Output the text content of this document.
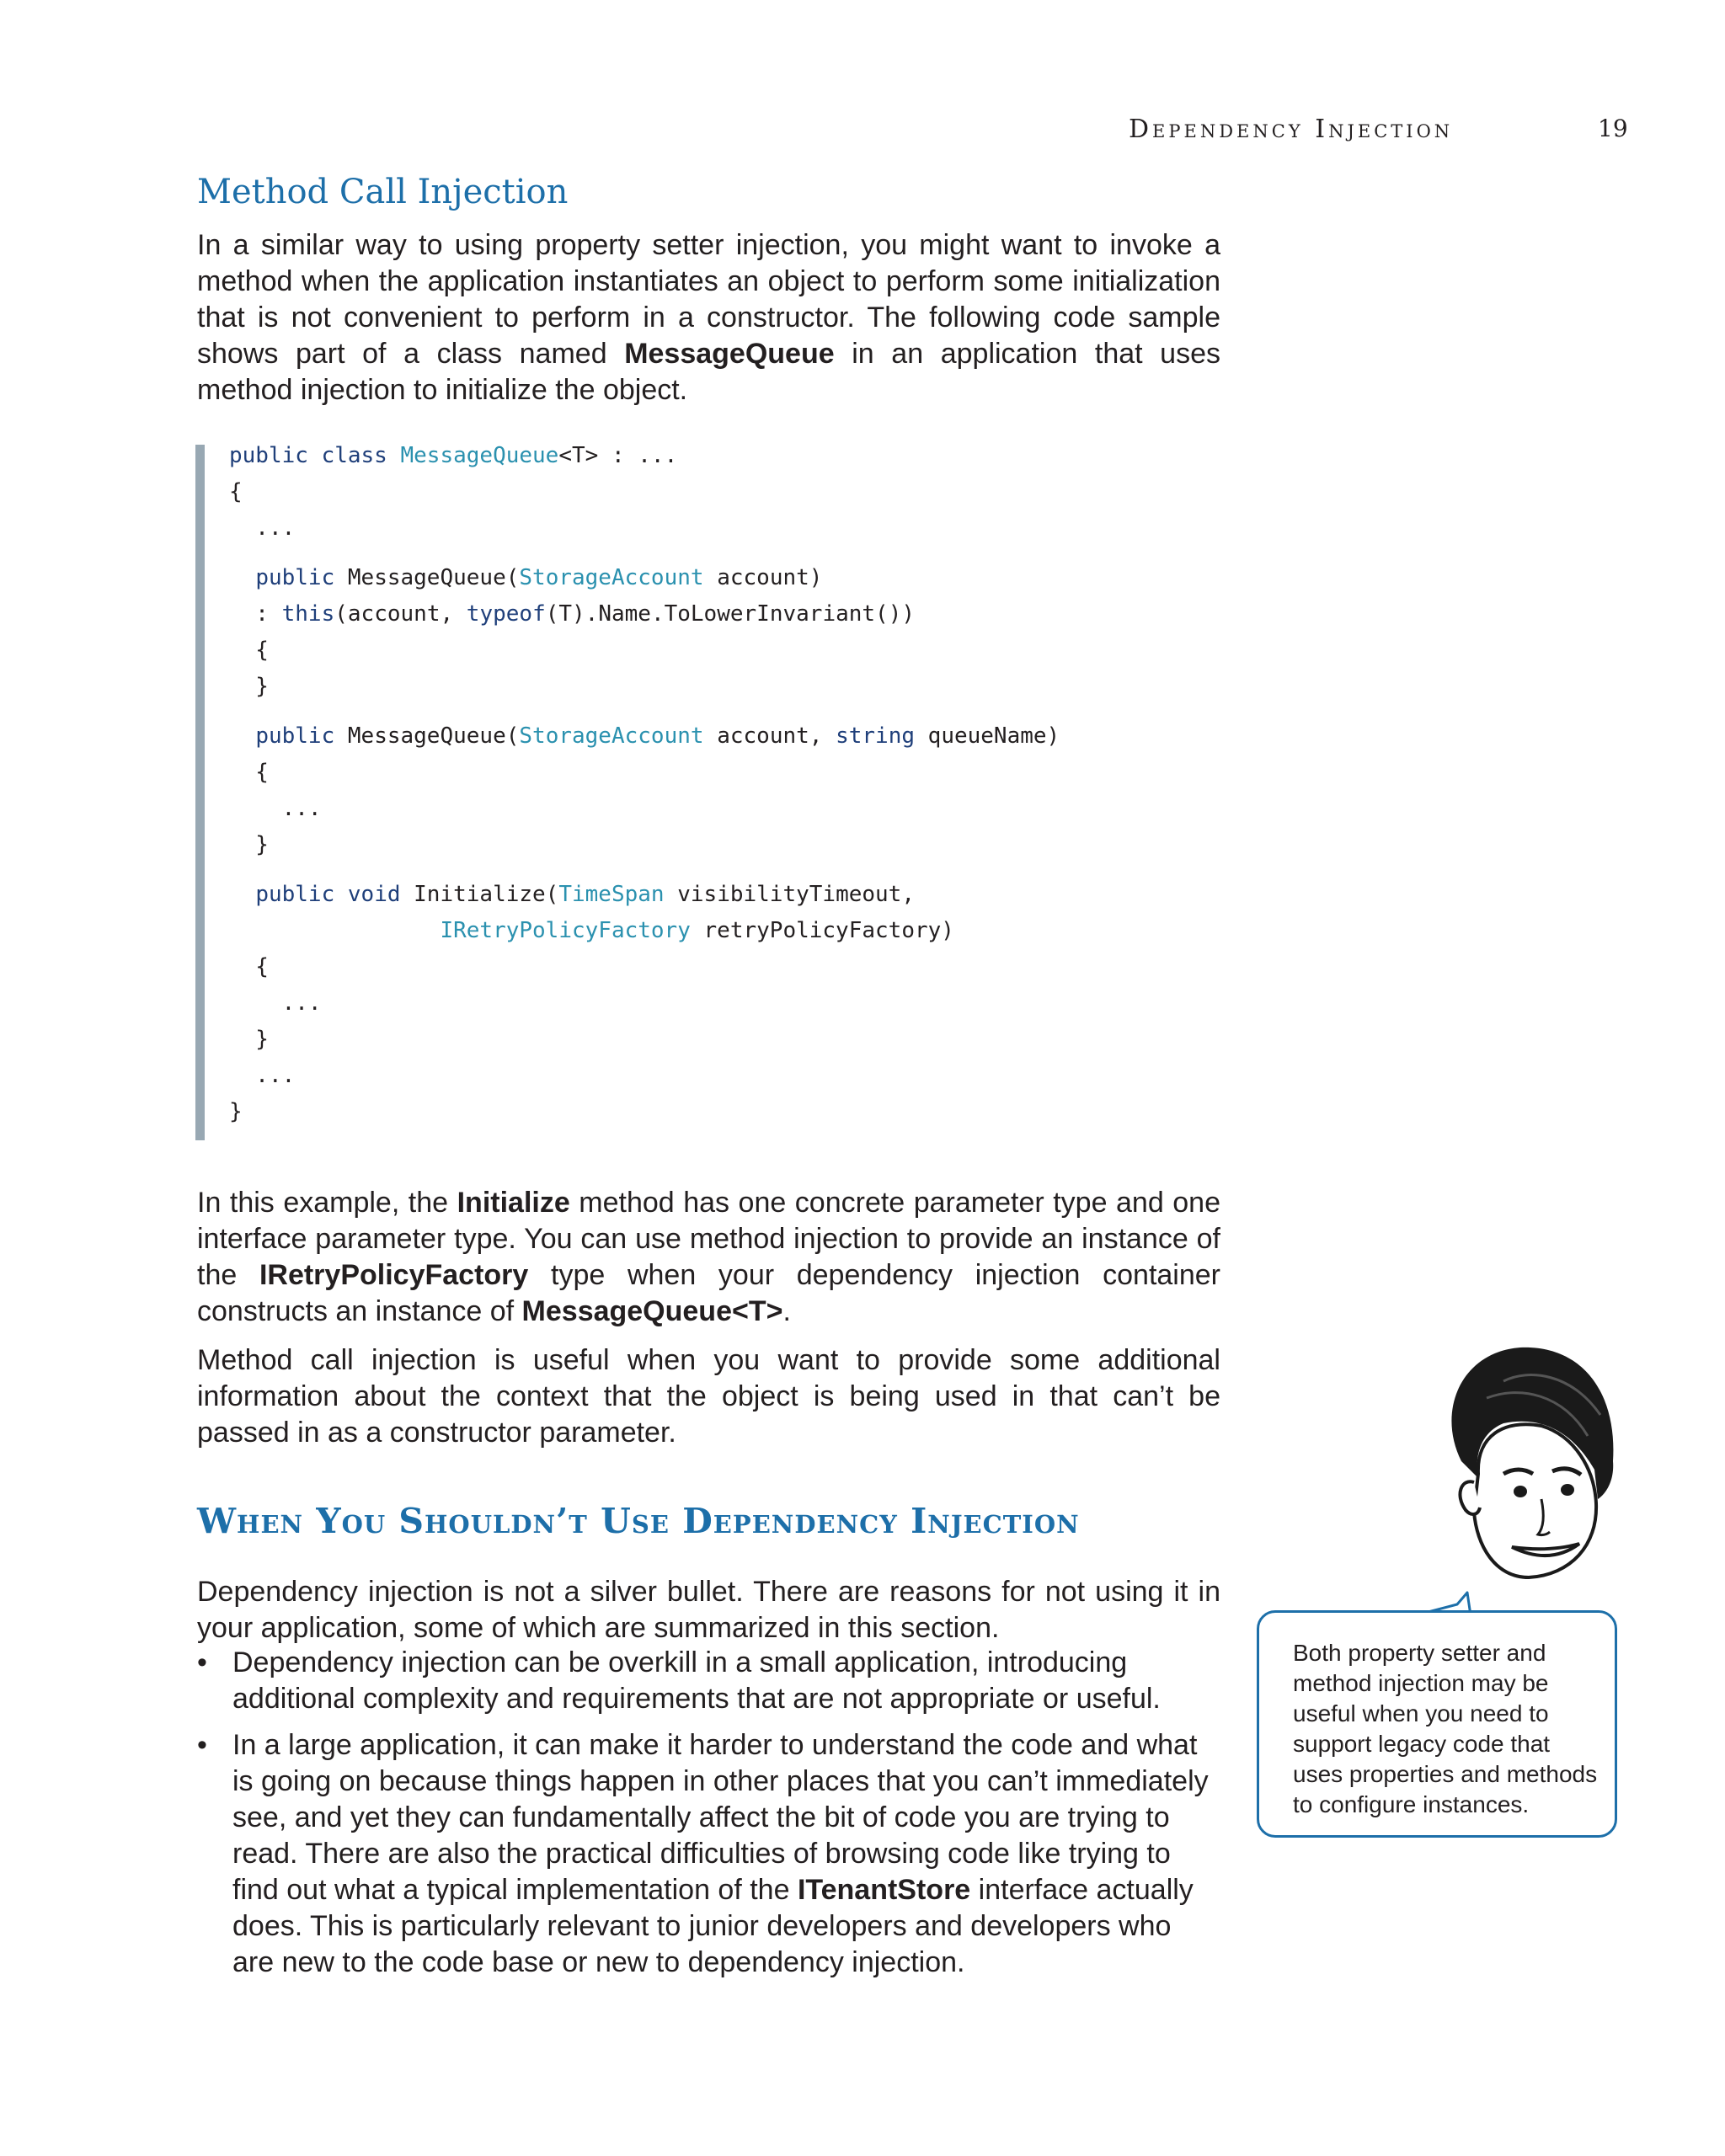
Dependency Injection	19
Method Call Injection

In a similar way to using property setter injection, you might want to invoke a method when the application instantiates an object to perform some initialization that is not convenient to perform in a constructor. The following code sample shows part of a class named MessageQueue in an application that uses method injection to initialize the object.

public class MessageQueue<T> : ...
{
...
public MessageQueue(StorageAccount account)
: this(account, typeof(T).Name.ToLowerInvariant())
{
}
public MessageQueue(StorageAccount account, string queueName)
{
...
}
public void Initialize(TimeSpan visibilityTimeout,
IRetryPolicyFactory retryPolicyFactory)
{
...
}
...
}

In this example, the Initialize method has one concrete parameter type and one interface parameter type. You can use method injection to provide an instance of the IRetryPolicyFactory type when your dependency injection container constructs an instance of MessageQueue<T>.

Method call injection is useful when you want to provide some additional information about the context that the object is being used in that can’t be passed in as a constructor parameter.

When You Shouldn’t Use Dependency Injection

Dependency injection is not a silver bullet. There are reasons for not using it in your application, some of which are summarized in this section.

• Dependency injection can be overkill in a small application, introducing additional complexity and requirements that are not appropriate or useful.
• In a large application, it can make it harder to understand the code and what is going on because things happen in other places that you can’t immediately see, and yet they can fundamentally affect the bit of code you are trying to read. There are also the practical difficulties of browsing code like trying to find out what a typical implementation of the ITenantStore interface actually does. This is particularly relevant to junior developers and developers who are new to the code base or new to dependency injection.
Both property setter and method injection may be useful when you need to support legacy code that uses properties and methods to configure instances.
